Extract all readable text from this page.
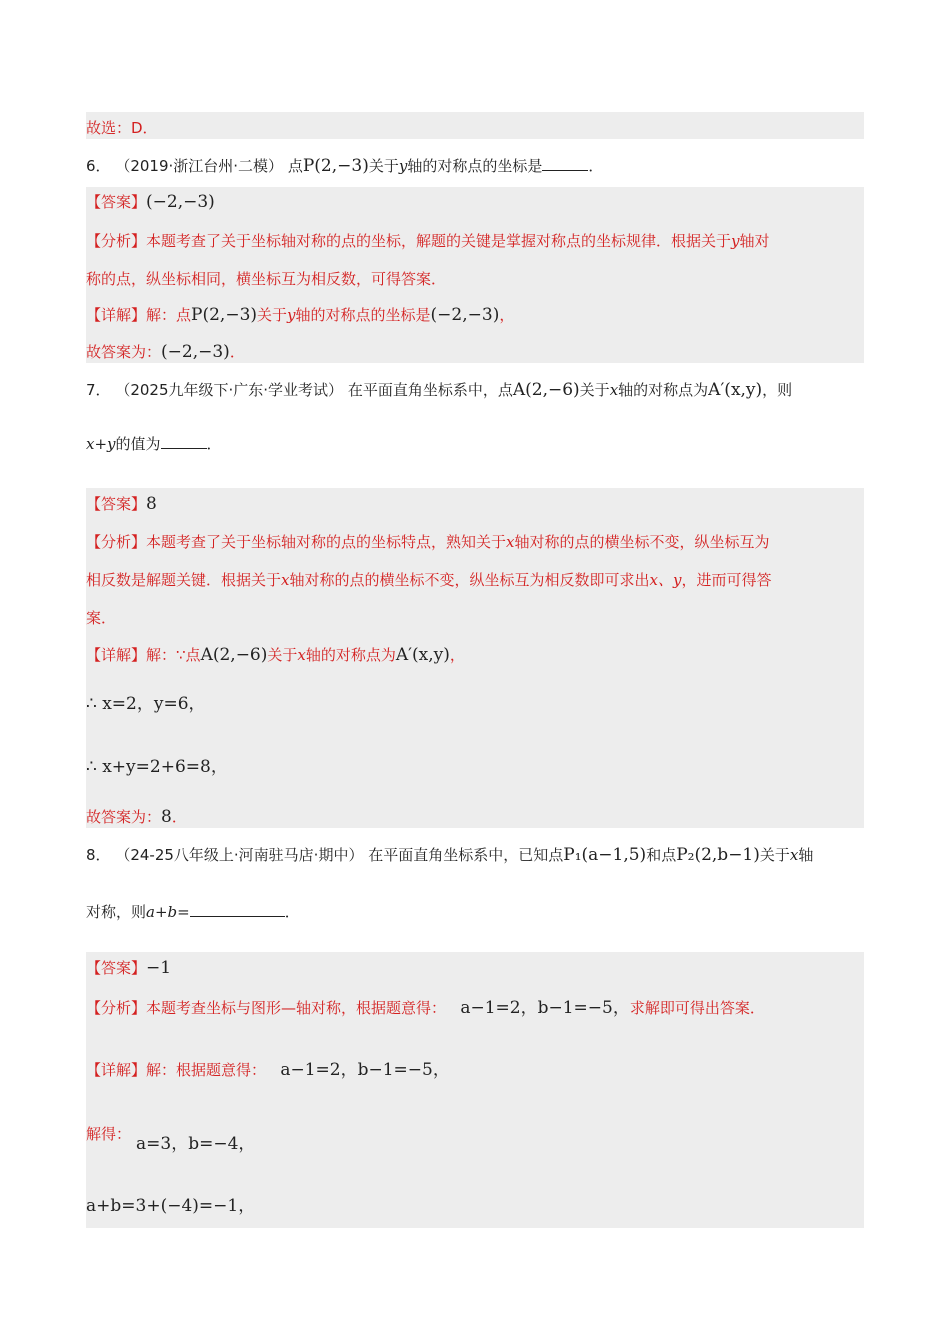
故选：D．
6． （2019·浙江台州·二模） 点P(2,−3)关于y轴的对称点的坐标是	．
【答案】(−2,−3)
【分析】本题考查了关于坐标轴对称的点的坐标，解题的关键是掌握对称点的坐标规律．根据关于y轴对
称的点，纵坐标相同，横坐标互为相反数，可得答案．
【详解】解：点P(2,−3)关于y轴的对称点的坐标是(−2,−3)，
故答案为：(−2,−3)．
7． （2025九年级下·广东·学业考试） 在平面直角坐标系中，点A(2,−6)关于x轴的对称点为A′(x,y)，则
x+y的值为	．
【答案】8
【分析】本题考查了关于坐标轴对称的点的坐标特点，熟知关于x轴对称的点的横坐标不变，纵坐标互为
相反数是解题关键．根据关于x轴对称的点的横坐标不变，纵坐标互为相反数即可求出x、y，进而可得答
案．
【详解】解：∵点A(2,−6)关于x轴的对称点为A′(x,y)，
∴ x=2，y=6，
∴ x+y=2+6=8，
故答案为：8．
8． （24-25八年级上·河南驻马店·期中） 在平面直角坐标系中，已知点P₁(a−1,5)和点P₂(2,b−1)关于x轴
对称，则a+b=	．
【答案】−1
【分析】本题考查坐标与图形—轴对称，根据题意得： a−1=2，b−1=−5，求解即可得出答案．
【详解】解：根据题意得： a−1=2，b−1=−5，
解得： a=3，b=−4，
a+b=3+(−4)=−1，
